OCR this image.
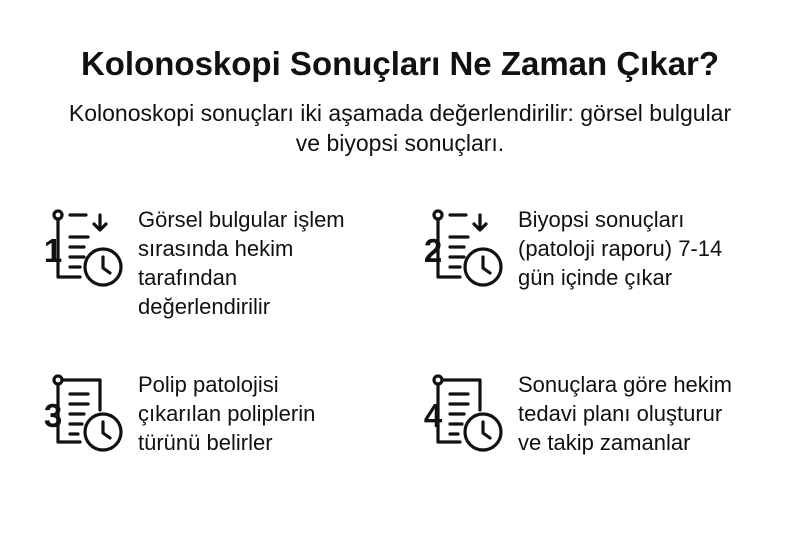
Kolonoskopi Sonuçları Ne Zaman Çıkar?

Kolonoskopi sonuçları iki aşamada değerlendirilir: görsel bulgular
ve biyopsi sonuçları.

1

Görsel bulgular işlem
sırasında hekim
tarafından
değerlendirilir

2

Biyopsi sonuçları
(patoloji raporu) 7-14
gün içinde çıkar

3

Polip patolojisi
çıkarılan poliplerin
türünü belirler

4

Sonuçlara göre hekim
tedavi planı oluşturur
ve takip zamanlar
